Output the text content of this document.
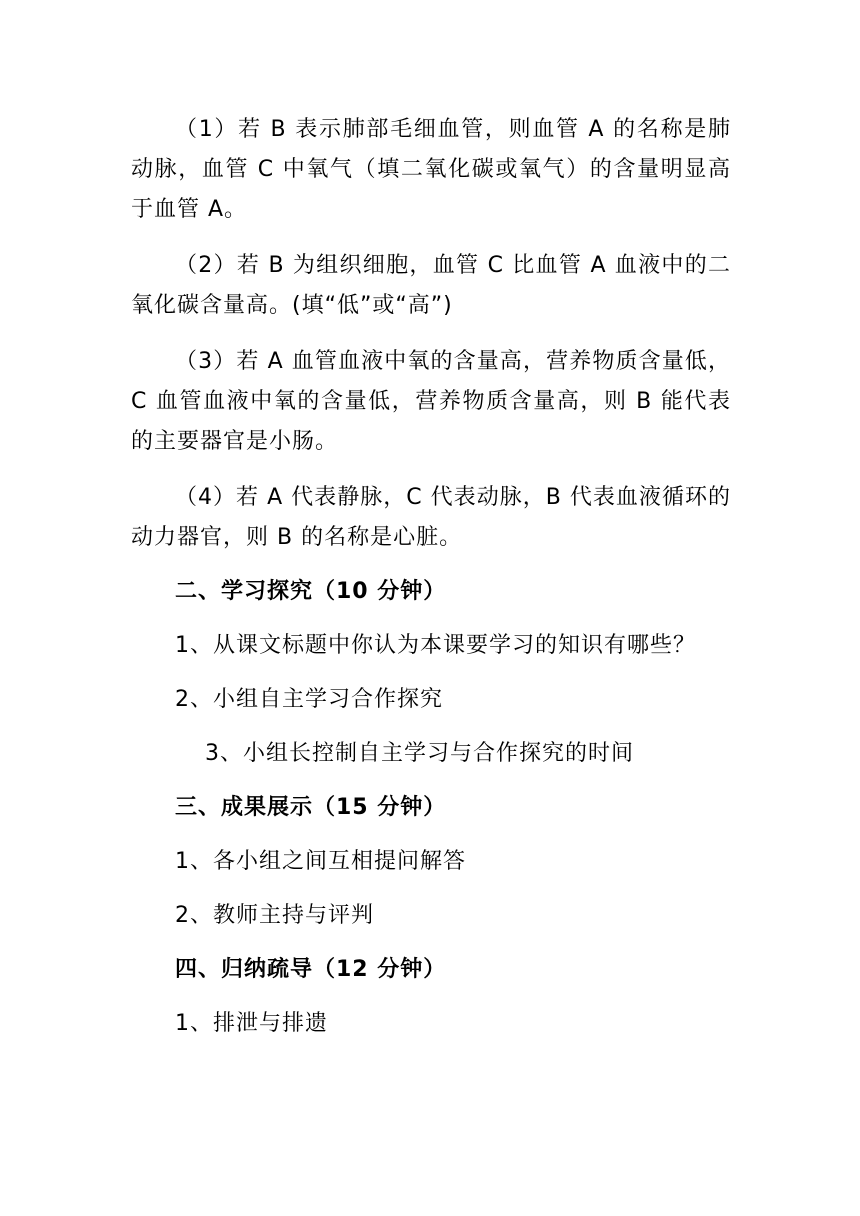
（1）若 B 表示肺部毛细血管，则血管 A 的名称是肺动脉，血管 C 中氧气（填二氧化碳或氧气）的含量明显高于血管 A。

（2）若 B 为组织细胞，血管 C 比血管 A 血液中的二氧化碳含量高。(填“低”或“高”)

（3）若 A 血管血液中氧的含量高，营养物质含量低，C 血管血液中氧的含量低，营养物质含量高，则 B 能代表的主要器官是小肠。

（4）若 A 代表静脉，C 代表动脉，B 代表血液循环的动力器官，则 B 的名称是心脏。

二、学习探究（10 分钟）

1、从课文标题中你认为本课要学习的知识有哪些？

2、小组自主学习合作探究

3、小组长控制自主学习与合作探究的时间

三、成果展示（15 分钟）

1、各小组之间互相提问解答

2、教师主持与评判

四、归纳疏导（12 分钟）

1、排泄与排遗
